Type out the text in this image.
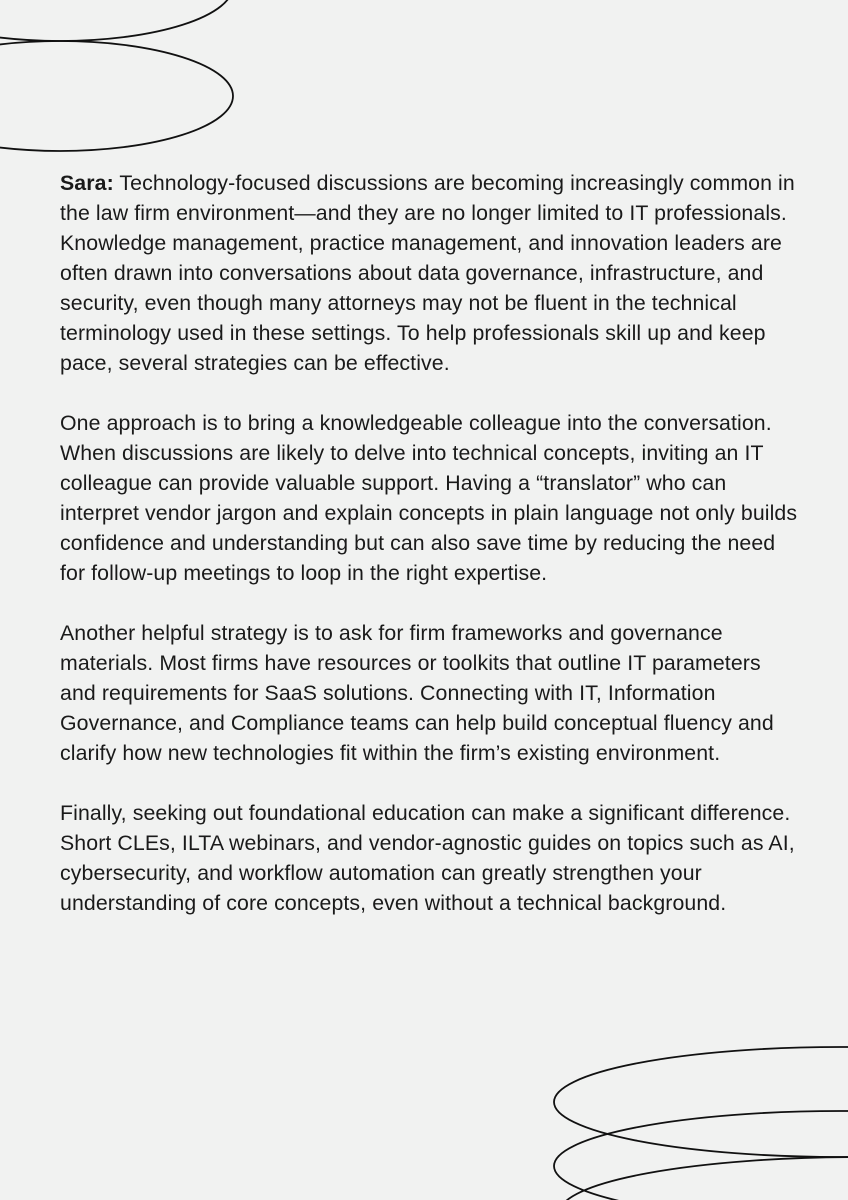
Sara: Technology-focused discussions are becoming increasingly common in the law firm environment—and they are no longer limited to IT professionals. Knowledge management, practice management, and innovation leaders are often drawn into conversations about data governance, infrastructure, and security, even though many attorneys may not be fluent in the technical terminology used in these settings. To help professionals skill up and keep pace, several strategies can be effective.

One approach is to bring a knowledgeable colleague into the conversation. When discussions are likely to delve into technical concepts, inviting an IT colleague can provide valuable support. Having a “translator” who can interpret vendor jargon and explain concepts in plain language not only builds confidence and understanding but can also save time by reducing the need for follow-up meetings to loop in the right expertise.

Another helpful strategy is to ask for firm frameworks and governance materials. Most firms have resources or toolkits that outline IT parameters and requirements for SaaS solutions. Connecting with IT, Information Governance, and Compliance teams can help build conceptual fluency and clarify how new technologies fit within the firm’s existing environment.

Finally, seeking out foundational education can make a significant difference. Short CLEs, ILTA webinars, and vendor-agnostic guides on topics such as AI, cybersecurity, and workflow automation can greatly strengthen your understanding of core concepts, even without a technical background.
